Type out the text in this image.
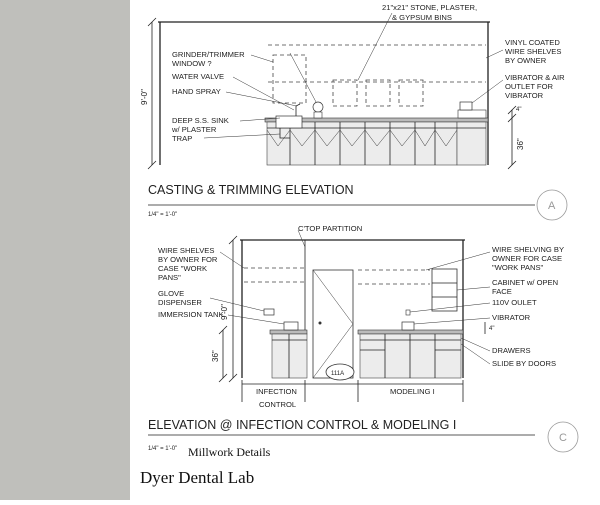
9'-0"
4"
36"
21"x21" STONE, PLASTER, & GYPSUM BINS
GRINDER/TRIMMER WINDOW ?
WATER VALVE
HAND SPRAY
DEEP S.S. SINK w/ PLASTER TRAP
VINYL COATED WIRE SHELVES BY OWNER
VIBRATOR & AIR OUTLET FOR VIBRATOR
CASTING & TRIMMING ELEVATION
1/4" = 1'-0"
A
111A
INFECTION CONTROL
MODELING I
9'-0"
36"
4"
C'TOP PARTITION
WIRE SHELVES BY OWNER FOR CASE "WORK PANS"
GLOVE DISPENSER
IMMERSION TANK
WIRE SHELVING BY OWNER FOR CASE "WORK PANS"
CABINET w/ OPEN FACE
110V OULET
VIBRATOR
DRAWERS
SLIDE BY DOORS
ELEVATION @ INFECTION CONTROL & MODELING I
1/4" = 1'-0"
C
Millwork Details
Dyer Dental Lab
